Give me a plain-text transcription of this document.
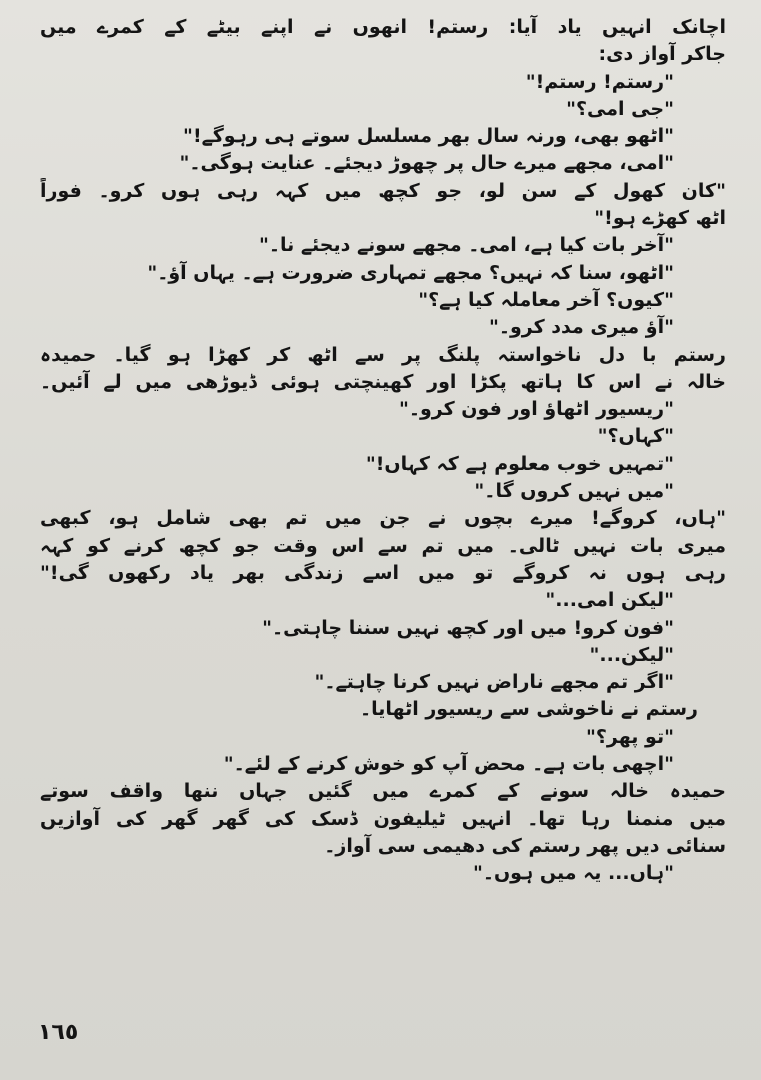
اچانک انہیں یاد آیا: رستم! انھوں نے اپنے بیٹے کے کمرے میں
جاکر آواز دی:
"رستم! رستم!"
"جی امی؟"
"اٹھو بھی، ورنہ سال بھر مسلسل سوتے ہی رہوگے!"
"امی، مجھے میرے حال پر چھوڑ دیجئے۔ عنایت ہوگی۔"
"کان کھول کے سن لو، جو کچھ میں کہہ رہی ہوں کرو۔ فوراً
اٹھ کھڑے ہو!"
"آخر بات کیا ہے، امی۔ مجھے سونے دیجئے نا۔"
"اٹھو، سنا کہ نہیں؟ مجھے تمہاری ضرورت ہے۔ یہاں آؤ۔"
"کیوں؟ آخر معاملہ کیا ہے؟"
"آؤ میری مدد کرو۔"
رستم با دل ناخواستہ پلنگ پر سے اٹھ کر کھڑا ہو گیا۔ حمیدہ
خالہ نے اس کا ہاتھ پکڑا اور کھینچتی ہوئی ڈیوڑھی میں لے آئیں۔
"ریسیور اٹھاؤ اور فون کرو۔"
"کہاں؟"
"تمہیں خوب معلوم ہے کہ کہاں!"
"میں نہیں کروں گا۔"
"ہاں، کروگے! میرے بچوں نے جن میں تم بھی شامل ہو، کبھی
میری بات نہیں ٹالی۔ میں تم سے اس وقت جو کچھ کرنے کو کہہ
رہی ہوں نہ کروگے تو میں اسے زندگی بھر یاد رکھوں گی!"
"لیکن امی..."
"فون کرو! میں اور کچھ نہیں سننا چاہتی۔"
"لیکن..."
"اگر تم مجھے ناراض نہیں کرنا چاہتے۔"
رستم نے ناخوشی سے ریسیور اٹھایا۔
"تو پھر؟"
"اچھی بات ہے۔ محض آپ کو خوش کرنے کے لئے۔"
حمیدہ خالہ سونے کے کمرے میں گئیں جہاں ننھا واقف سوتے
میں منمنا رہا تھا۔ انہیں ٹیلیفون ڈسک کی گھر گھر کی آوازیں
سنائی دیں پھر رستم کی دھیمی سی آواز۔
"ہاں... یہ میں ہوں۔"
١٦٥
